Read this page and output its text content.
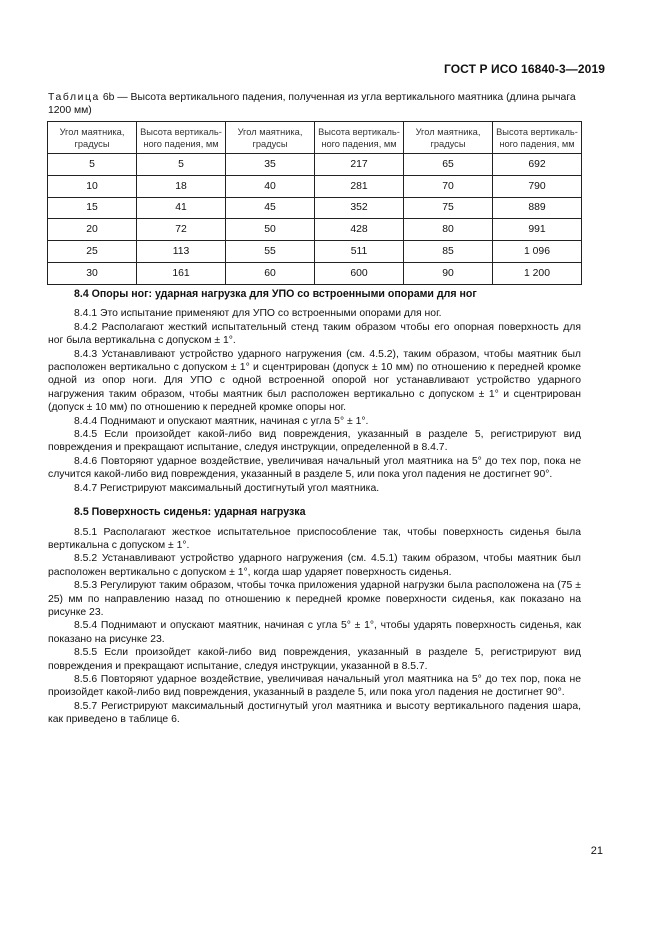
ГОСТ Р ИСО 16840-3—2019
Таблица 6b — Высота вертикального падения, полученная из угла вертикального маятника (длина рычага 1200 мм)
Угол маятника, градусы	Высота вертикального падения, мм	Угол маятника, градусы	Высота вертикального падения, мм	Угол маятника, градусы	Высота вертикального падения, мм
5	5	35	217	65	692
10	18	40	281	70	790
15	41	45	352	75	889
20	72	50	428	80	991
25	113	55	511	85	1 096
30	161	60	600	90	1 200

8.4 Опоры ног: ударная нагрузка для УПО со встроенными опорами для ног

8.4.1 Это испытание применяют для УПО со встроенными опорами для ног.

8.4.2 Располагают жесткий испытательный стенд таким образом чтобы его опорная поверхность для ног была вертикальна с допуском ± 1°.

8.4.3 Устанавливают устройство ударного нагружения (см. 4.5.2), таким образом, чтобы маятник был расположен вертикально с допуском ± 1° и сцентрирован (допуск ± 10 мм) по отношению к передней кромке одной из опор ноги. Для УПО с одной встроенной опорой ног устанавливают устройство ударного нагружения таким образом, чтобы маятник был расположен вертикально с допуском ± 1° и сцентрирован (допуск ± 10 мм) по отношению к передней кромке опоры ног.

8.4.4 Поднимают и опускают маятник, начиная с угла 5° ± 1°.

8.4.5 Если произойдет какой-либо вид повреждения, указанный в разделе 5, регистрируют вид повреждения и прекращают испытание, следуя инструкции, определенной в 8.4.7.

8.4.6 Повторяют ударное воздействие, увеличивая начальный угол маятника на 5° до тех пор, пока не случится какой-либо вид повреждения, указанный в разделе 5, или пока угол падения не достигнет 90°.

8.4.7 Регистрируют максимальный достигнутый угол маятника.

8.5 Поверхность сиденья: ударная нагрузка

8.5.1 Располагают жесткое испытательное приспособление так, чтобы поверхность сиденья была вертикальна с допуском ± 1°.

8.5.2 Устанавливают устройство ударного нагружения (см. 4.5.1) таким образом, чтобы маятник был расположен вертикально с допуском ± 1°, когда шар ударяет поверхность сиденья.

8.5.3 Регулируют таким образом, чтобы точка приложения ударной нагрузки была расположена на (75 ± 25) мм по направлению назад по отношению к передней кромке поверхности сиденья, как показано на рисунке 23.

8.5.4 Поднимают и опускают маятник, начиная с угла 5° ± 1°, чтобы ударять поверхность сиденья, как показано на рисунке 23.

8.5.5 Если произойдет какой-либо вид повреждения, указанный в разделе 5, регистрируют вид повреждения и прекращают испытание, следуя инструкции, указанной в 8.5.7.

8.5.6 Повторяют ударное воздействие, увеличивая начальный угол маятника на 5° до тех пор, пока не произойдет какой-либо вид повреждения, указанный в разделе 5, или пока угол падения не достигнет 90°.

8.5.7 Регистрируют максимальный достигнутый угол маятника и высоту вертикального падения шара, как приведено в таблице 6.

21
